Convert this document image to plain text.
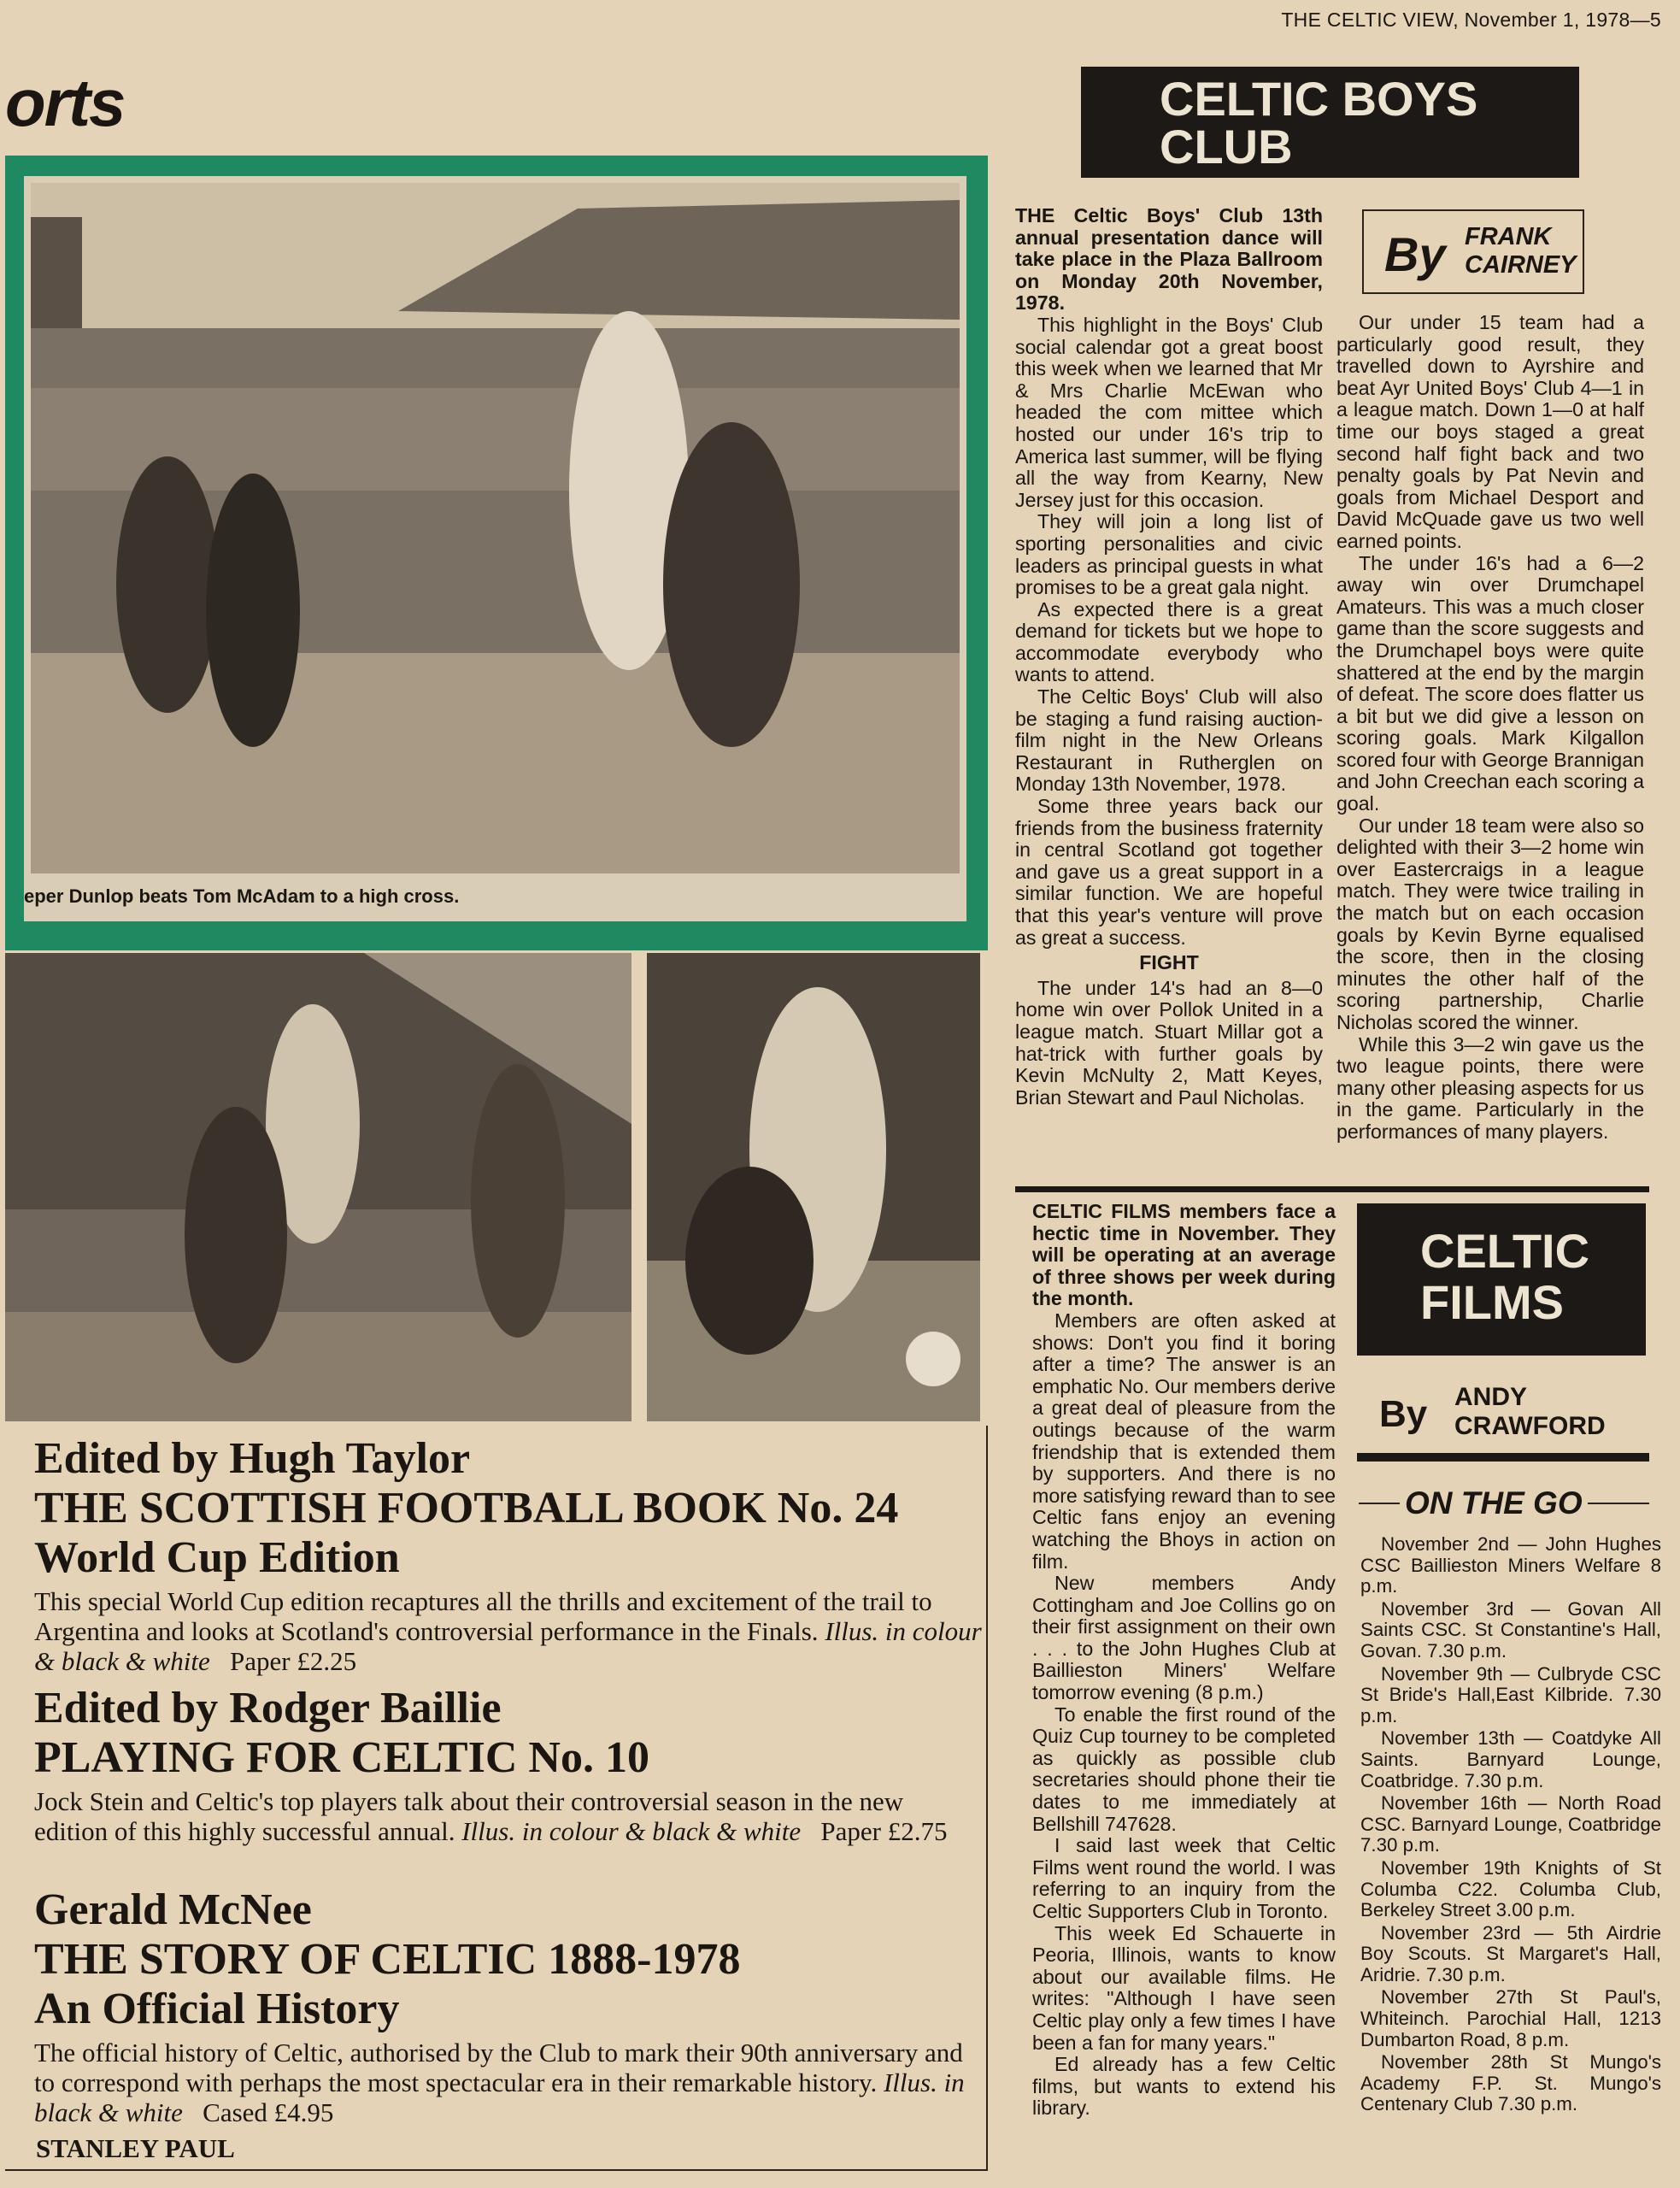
THE CELTIC VIEW, November 1, 1978—5
orts
eper Dunlop beats Tom McAdam to a high cross.

Edited by Hugh Taylor

THE SCOTTISH FOOTBALL BOOK No. 24

World Cup Edition

This special World Cup edition recaptures all the thrills and excitement of the trail to Argentina and looks at Scotland's controversial performance in the Finals. Illus. in colour & black & white Paper £2.25

Edited by Rodger Baillie

PLAYING FOR CELTIC No. 10

Jock Stein and Celtic's top players talk about their controversial season in the new edition of this highly successful annual. Illus. in colour & black & white Paper £2.75

Gerald McNee

THE STORY OF CELTIC 1888-1978

An Official History

The official history of Celtic, authorised by the Club to mark their 90th anniversary and to correspond with perhaps the most spectacular era in their remarkable history. Illus. in black & white Cased £4.95

STANLEY PAUL
CELTIC BOYS
CLUB
By FRANK
CAIRNEY

THE Celtic Boys' Club 13th annual presentation dance will take place in the Plaza Ballroom on Monday 20th November, 1978.

This highlight in the Boys' Club social calendar got a great boost this week when we learned that Mr & Mrs Charlie McEwan who headed the com mittee which hosted our under 16's trip to America last summer, will be flying all the way from Kearny, New Jersey just for this occasion.

They will join a long list of sporting personalities and civic leaders as principal guests in what promises to be a great gala night.

As expected there is a great demand for tickets but we hope to accommodate everybody who wants to attend.

The Celtic Boys' Club will also be staging a fund raising auction-film night in the New Orleans Restaurant in Rutherglen on Monday 13th November, 1978.

Some three years back our friends from the business fraternity in central Scotland got together and gave us a great support in a similar function. We are hopeful that this year's venture will prove as great a success.

FIGHT

The under 14's had an 8—0 home win over Pollok United in a league match. Stuart Millar got a hat-trick with further goals by Kevin McNulty 2, Matt Keyes, Brian Stewart and Paul Nicholas.

Our under 15 team had a particularly good result, they travelled down to Ayrshire and beat Ayr United Boys' Club 4—1 in a league match. Down 1—0 at half time our boys staged a great second half fight back and two penalty goals by Pat Nevin and goals from Michael Desport and David McQuade gave us two well earned points.

The under 16's had a 6—2 away win over Drumchapel Amateurs. This was a much closer game than the score suggests and the Drumchapel boys were quite shattered at the end by the margin of defeat. The score does flatter us a bit but we did give a lesson on scoring goals. Mark Kilgallon scored four with George Brannigan and John Creechan each scoring a goal.

Our under 18 team were also so delighted with their 3—2 home win over Eastercraigs in a league match. They were twice trailing in the match but on each occasion goals by Kevin Byrne equalised the score, then in the closing minutes the other half of the scoring partnership, Charlie Nicholas scored the winner.

While this 3—2 win gave us the two league points, there were many other pleasing aspects for us in the game. Particularly in the performances of many players.

CELTIC FILMS members face a hectic time in November. They will be operating at an average of three shows per week during the month.

Members are often asked at shows: Don't you find it boring after a time? The answer is an emphatic No. Our members derive a great deal of pleasure from the outings because of the warm friendship that is extended them by supporters. And there is no more satisfying reward than to see Celtic fans enjoy an evening watching the Bhoys in action on film.

New members Andy Cottingham and Joe Collins go on their first assignment on their own . . . to the John Hughes Club at Baillieston Miners' Welfare tomorrow evening (8 p.m.)

To enable the first round of the Quiz Cup tourney to be completed as quickly as possible club secretaries should phone their tie dates to me immediately at Bellshill 747628.

I said last week that Celtic Films went round the world. I was referring to an inquiry from the Celtic Supporters Club in Toronto.

This week Ed Schauerte in Peoria, Illinois, wants to know about our available films. He writes: "Although I have seen Celtic play only a few times I have been a fan for many years."

Ed already has a few Celtic films, but wants to extend his library.

CELTIC
FILMS
By ANDY
CRAWFORD
ON THE GO

November 2nd — John Hughes CSC Baillieston Miners Welfare 8 p.m.

November 3rd — Govan All Saints CSC. St Constantine's Hall, Govan. 7.30 p.m.

November 9th — Culbryde CSC St Bride's Hall,East Kilbride. 7.30 p.m.

November 13th — Coatdyke All Saints. Barnyard Lounge, Coatbridge. 7.30 p.m.

November 16th — North Road CSC. Barnyard Lounge, Coatbridge 7.30 p.m.

November 19th Knights of St Columba C22. Columba Club, Berkeley Street 3.00 p.m.

November 23rd — 5th Airdrie Boy Scouts. St Margaret's Hall, Aridrie. 7.30 p.m.

November 27th St Paul's, Whiteinch. Parochial Hall, 1213 Dumbarton Road, 8 p.m.

November 28th St Mungo's Academy F.P. St. Mungo's Centenary Club 7.30 p.m.
